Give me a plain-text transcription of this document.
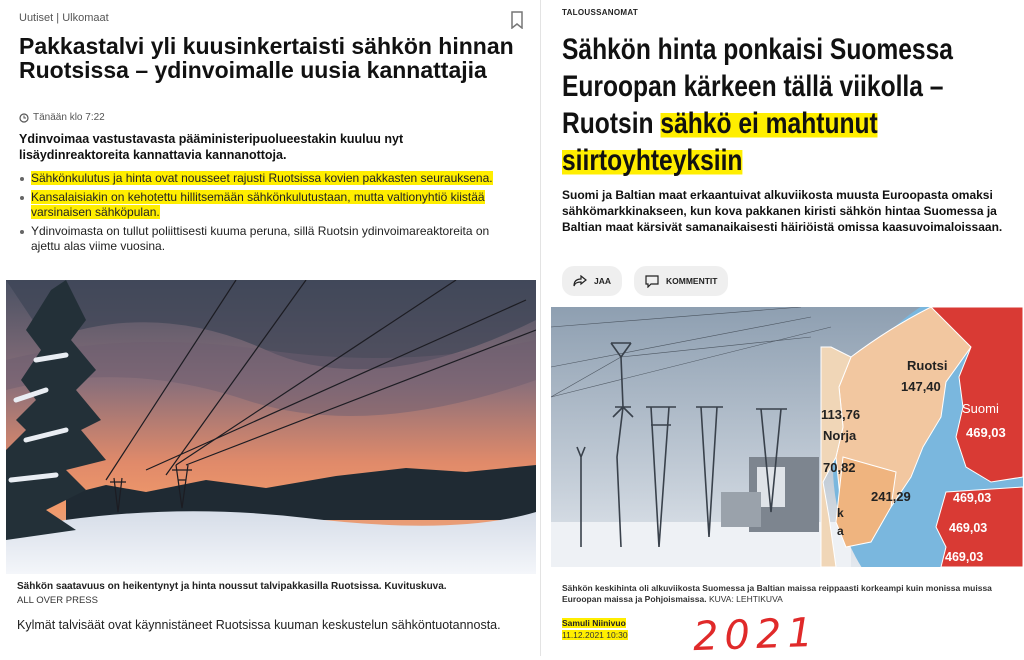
Uutiset | Ulkomaat
Pakkastalvi yli kuusinkertaisti sähkön hinnan Ruotsissa – ydinvoimalle uusia kannattajia
Tänään klo 7:22

Ydinvoimaa vastustavasta pääministeripuolueestakin kuuluu nyt lisäydinreaktoreita kannattavia kannanottoja.

Sähkönkulutus ja hinta ovat nousseet rajusti Ruotsissa kovien pakkasten seurauksena.
Kansalaisiakin on kehotettu hillitsemään sähkönkulutustaan, mutta valtionyhtiö kiistää varsinaisen sähköpulan.
Ydinvoimasta on tullut poliittisesti kuuma peruna, sillä Ruotsin ydinvoimareaktoreita on ajettu alas viime vuosina.
Sähkön saatavuus on heikentynyt ja hinta noussut talvipakkasilla Ruotsissa. Kuvituskuva.
ALL OVER PRESS

Kylmät talvisäät ovat käynnistäneet Ruotsissa kuuman keskustelun sähköntuotannosta.

TALOUSSANOMAT
Sähkön hinta ponkaisi Suomessa Euroopan kärkeen tällä viikolla – Ruotsin sähkö ei mahtunut siirtoyhteyksiin

Suomi ja Baltian maat erkaantuivat alkuviikosta muusta Euroopasta omaksi sähkömarkkinakseen, kun kova pakkanen kiristi sähkön hintaa Suomessa ja Baltian maat kärsivät samanaikaisesti häiriöistä omissa kaasuvoimaloissaan.

JAA	KOMMENTIT
Ruotsi
147,40
113,76
Norja
70,82
241,29
Suomi
469,03
469,03
469,03
469,03
k
a
Sähkön keskihinta oli alkuviikosta Suomessa ja Baltian maissa reippaasti korkeampi kuin monissa muissa Euroopan maissa ja Pohjoismaissa. KUVA: LEHTIKUVA
Samuli Niinivuo
11.12.2021 10:30 2021
